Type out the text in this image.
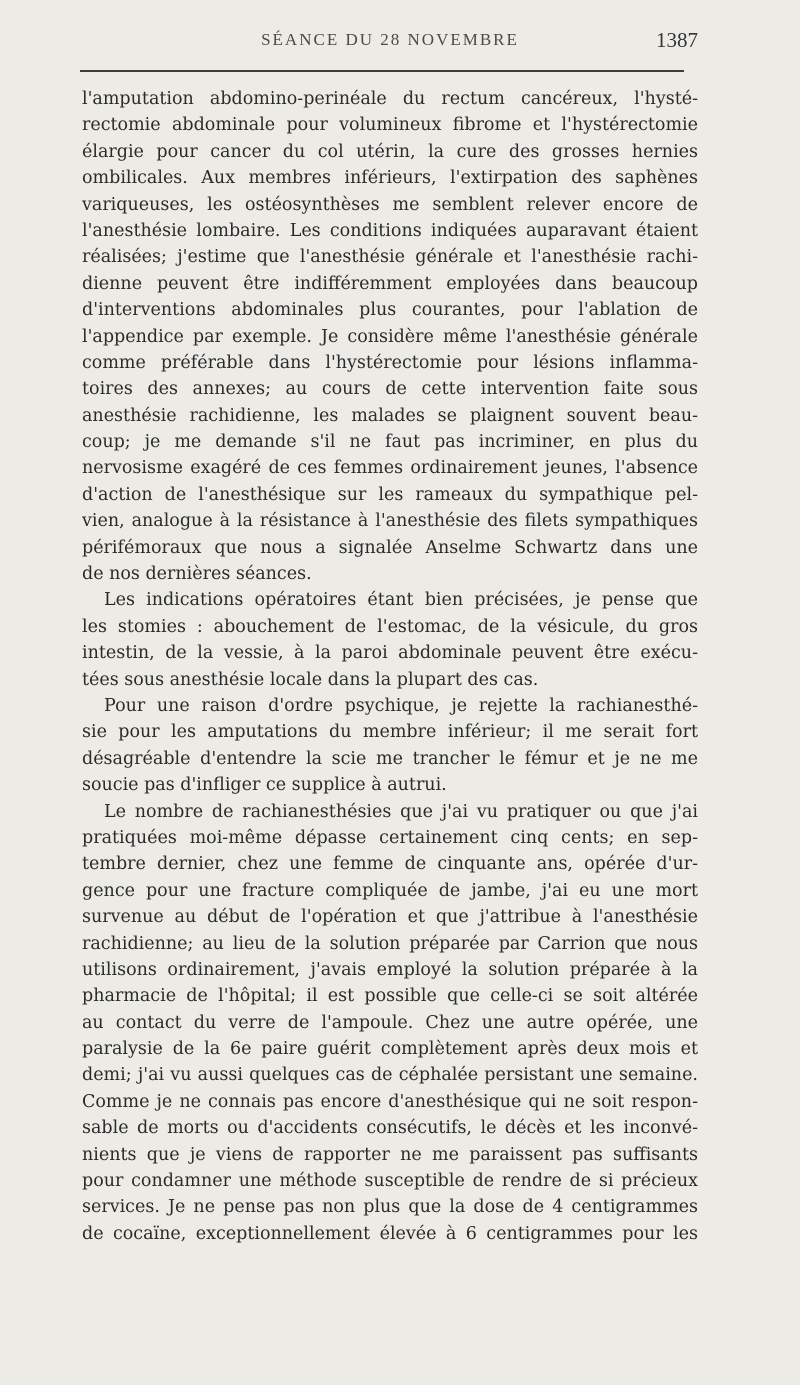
SÉANCE DU 28 NOVEMBRE	1387
l'amputation abdomino-perinéale du rectum cancéreux, l'hysté-
rectomie abdominale pour volumineux fibrome et l'hystérectomie
élargie pour cancer du col utérin, la cure des grosses hernies
ombilicales. Aux membres inférieurs, l'extirpation des saphènes
variqueuses, les ostéosynthèses me semblent relever encore de
l'anesthésie lombaire. Les conditions indiquées auparavant étaient
réalisées; j'estime que l'anesthésie générale et l'anesthésie rachi-
dienne peuvent être indifféremment employées dans beaucoup
d'interventions abdominales plus courantes, pour l'ablation de
l'appendice par exemple. Je considère même l'anesthésie générale
comme préférable dans l'hystérectomie pour lésions inflamma-
toires des annexes; au cours de cette intervention faite sous
anesthésie rachidienne, les malades se plaignent souvent beau-
coup; je me demande s'il ne faut pas incriminer, en plus du
nervosisme exagéré de ces femmes ordinairement jeunes, l'absence
d'action de l'anesthésique sur les rameaux du sympathique pel-
vien, analogue à la résistance à l'anesthésie des filets sympathiques
périfémoraux que nous a signalée Anselme Schwartz dans une
de nos dernières séances.
Les indications opératoires étant bien précisées, je pense que
les stomies : abouchement de l'estomac, de la vésicule, du gros
intestin, de la vessie, à la paroi abdominale peuvent être exécu-
tées sous anesthésie locale dans la plupart des cas.
Pour une raison d'ordre psychique, je rejette la rachianesthé-
sie pour les amputations du membre inférieur; il me serait fort
désagréable d'entendre la scie me trancher le fémur et je ne me
soucie pas d'infliger ce supplice à autrui.
Le nombre de rachianesthésies que j'ai vu pratiquer ou que j'ai
pratiquées moi-même dépasse certainement cinq cents; en sep-
tembre dernier, chez une femme de cinquante ans, opérée d'ur-
gence pour une fracture compliquée de jambe, j'ai eu une mort
survenue au début de l'opération et que j'attribue à l'anesthésie
rachidienne; au lieu de la solution préparée par Carrion que nous
utilisons ordinairement, j'avais employé la solution préparée à la
pharmacie de l'hôpital; il est possible que celle-ci se soit altérée
au contact du verre de l'ampoule. Chez une autre opérée, une
paralysie de la 6e paire guérit complètement après deux mois et
demi; j'ai vu aussi quelques cas de céphalée persistant une semaine.
Comme je ne connais pas encore d'anesthésique qui ne soit respon-
sable de morts ou d'accidents consécutifs, le décès et les inconvé-
nients que je viens de rapporter ne me paraissent pas suffisants
pour condamner une méthode susceptible de rendre de si précieux
services. Je ne pense pas non plus que la dose de 4 centigrammes
de cocaïne, exceptionnellement élevée à 6 centigrammes pour les
